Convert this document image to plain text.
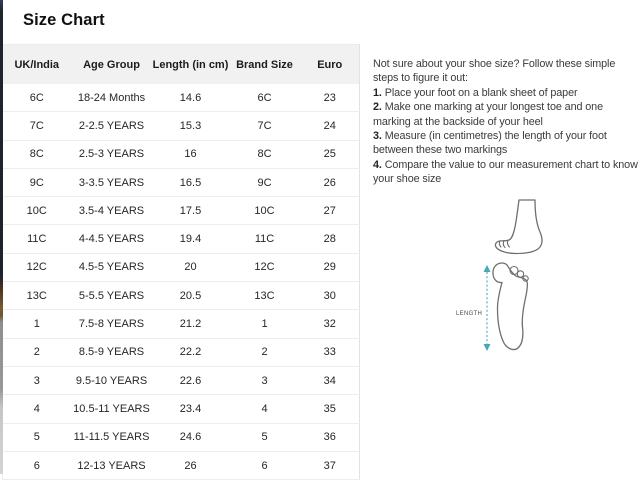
Size Chart
UK/India	Age Group	Length (in cm)	Brand Size	Euro
6C	18-24 Months	14.6	6C	23
7C	2-2.5 YEARS	15.3	7C	24
8C	2.5-3 YEARS	16	8C	25
9C	3-3.5 YEARS	16.5	9C	26
10C	3.5-4 YEARS	17.5	10C	27
11C	4-4.5 YEARS	19.4	11C	28
12C	4.5-5 YEARS	20	12C	29
13C	5-5.5 YEARS	20.5	13C	30
1	7.5-8 YEARS	21.2	1	32
2	8.5-9 YEARS	22.2	2	33
3	9.5-10 YEARS	22.6	3	34
4	10.5-11 YEARS	23.4	4	35
5	11-11.5 YEARS	24.6	5	36
6	12-13 YEARS	26	6	37

Not sure about your shoe size? Follow these simple steps to figure it out:

1. Place your foot on a blank sheet of paper
2. Make one marking at your longest toe and one marking at the backside of your heel
3. Measure (in centimetres) the length of your foot between these two markings
4. Compare the value to our measurement chart to know your shoe size
LENGTH
